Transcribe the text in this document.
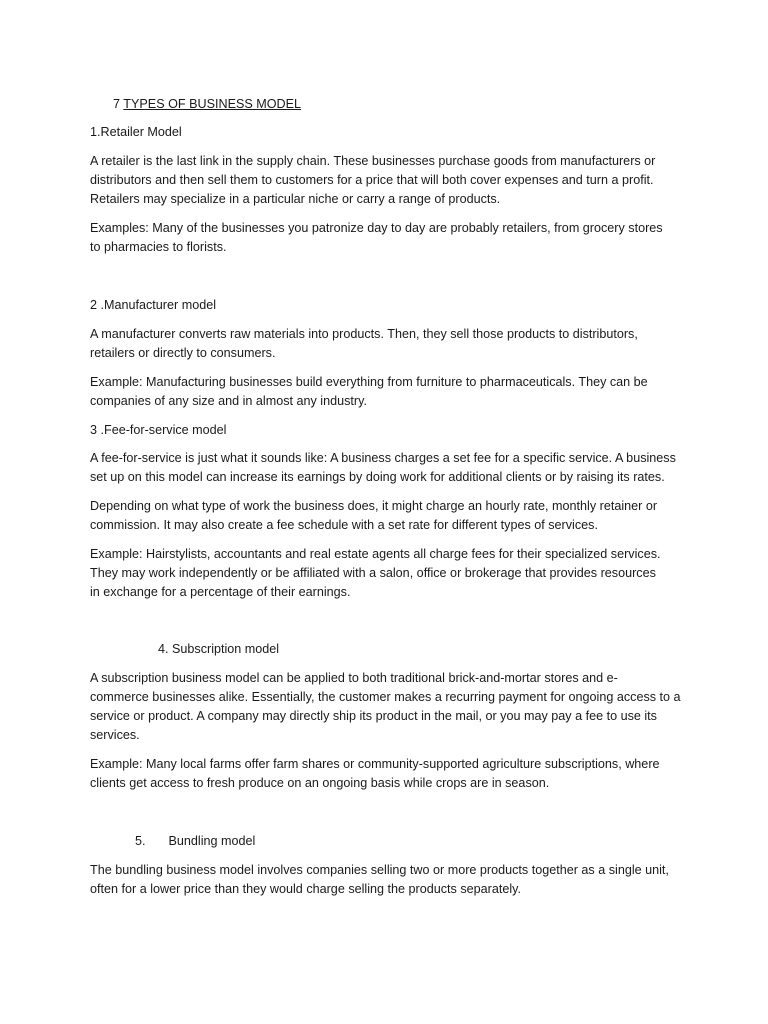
7 TYPES OF BUSINESS MODEL
1.Retailer Model
A retailer is the last link in the supply chain. These businesses purchase goods from manufacturers or
distributors and then sell them to customers for a price that will both cover expenses and turn a profit.
Retailers may specialize in a particular niche or carry a range of products.
Examples: Many of the businesses you patronize day to day are probably retailers, from grocery stores
to pharmacies to florists.
2 .Manufacturer model
A manufacturer converts raw materials into products. Then, they sell those products to distributors,
retailers or directly to consumers.
Example: Manufacturing businesses build everything from furniture to pharmaceuticals. They can be
companies of any size and in almost any industry.
3 .Fee-for-service model
A fee-for-service is just what it sounds like: A business charges a set fee for a specific service. A business
set up on this model can increase its earnings by doing work for additional clients or by raising its rates.
Depending on what type of work the business does, it might charge an hourly rate, monthly retainer or
commission. It may also create a fee schedule with a set rate for different types of services.
Example: Hairstylists, accountants and real estate agents all charge fees for their specialized services.
They may work independently or be affiliated with a salon, office or brokerage that provides resources
in exchange for a percentage of their earnings.
4. Subscription model
A subscription business model can be applied to both traditional brick-and-mortar stores and e-
commerce businesses alike. Essentially, the customer makes a recurring payment for ongoing access to a
service or product. A company may directly ship its product in the mail, or you may pay a fee to use its
services.
Example: Many local farms offer farm shares or community-supported agriculture subscriptions, where
clients get access to fresh produce on an ongoing basis while crops are in season.
5. Bundling model
The bundling business model involves companies selling two or more products together as a single unit,
often for a lower price than they would charge selling the products separately.
